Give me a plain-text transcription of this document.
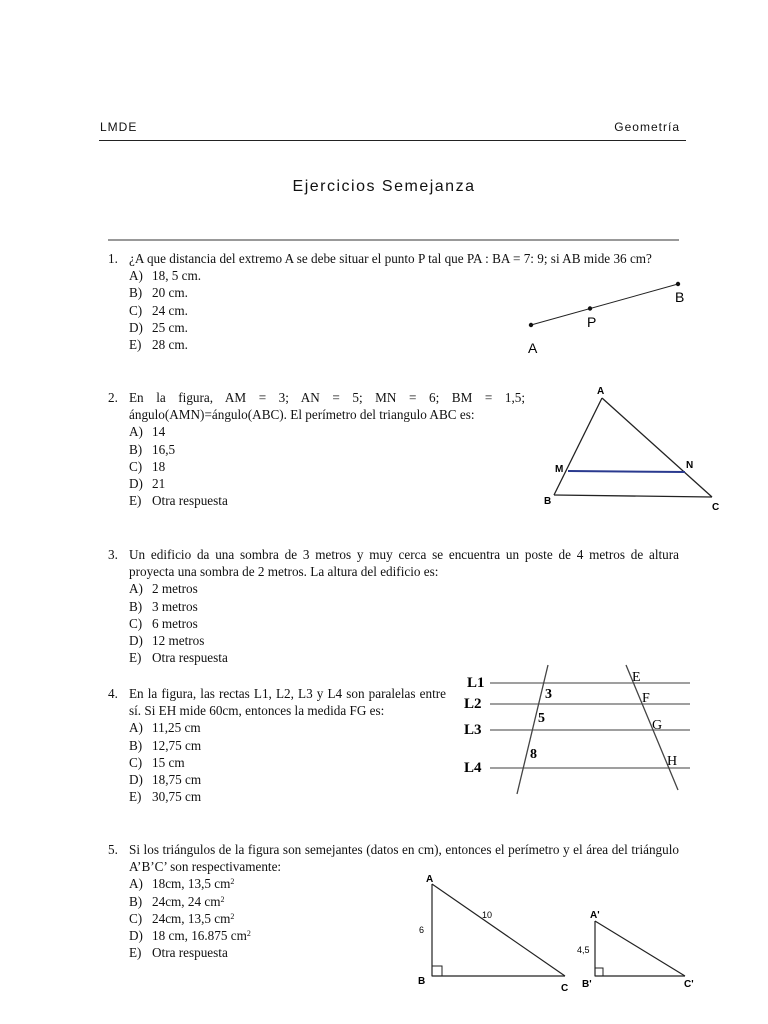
LMDE	Geometría
Ejercicios Semejanza
1. ¿A que distancia del extremo A se debe situar el punto P tal que PA : BA = 7: 9; si AB mide 36 cm?
A) 18, 5 cm.
B) 20 cm.
C) 24 cm.
D) 25 cm.
E) 28 cm.	A
P
B
2. En la figura, AM = 3; AN = 5; MN = 6; BM = 1,5; ángulo(AMN)=ángulo(ABC). El perímetro del triangulo ABC es:
A) 14
B) 16,5
C) 18
D) 21
E) Otra respuesta
A
M	N
B
C
3. Un edificio da una sombra de 3 metros y muy cerca se encuentra un poste de 4 metros de altura proyecta una sombra de 2 metros. La altura del edificio es:
A) 2 metros
B) 3 metros
C) 6 metros
D) 12 metros
E) Otra respuesta
4. En la figura, las rectas L1, L2, L3 y L4 son paralelas entre sí. Si EH mide 60cm, entonces la medida FG es:
A) 11,25 cm
B) 12,75 cm
C) 15 cm
D) 18,75 cm
E) 30,75 cm
L1
L2
L3
L4
3
5
8
E
F
G
H
5. Si los triángulos de la figura son semejantes (datos en cm), entonces el perímetro y el área del triángulo A’B’C’ son respectivamente:
A) 18cm, 13,5 $cm^2$
B) 24cm, 24 $cm^2$
C) 24cm, 13,5 $cm^2$
D) 18 cm, 16.875 $cm^2$
E) Otra respuesta
A
B
C
6
10	A'
B'	C'
4,5
